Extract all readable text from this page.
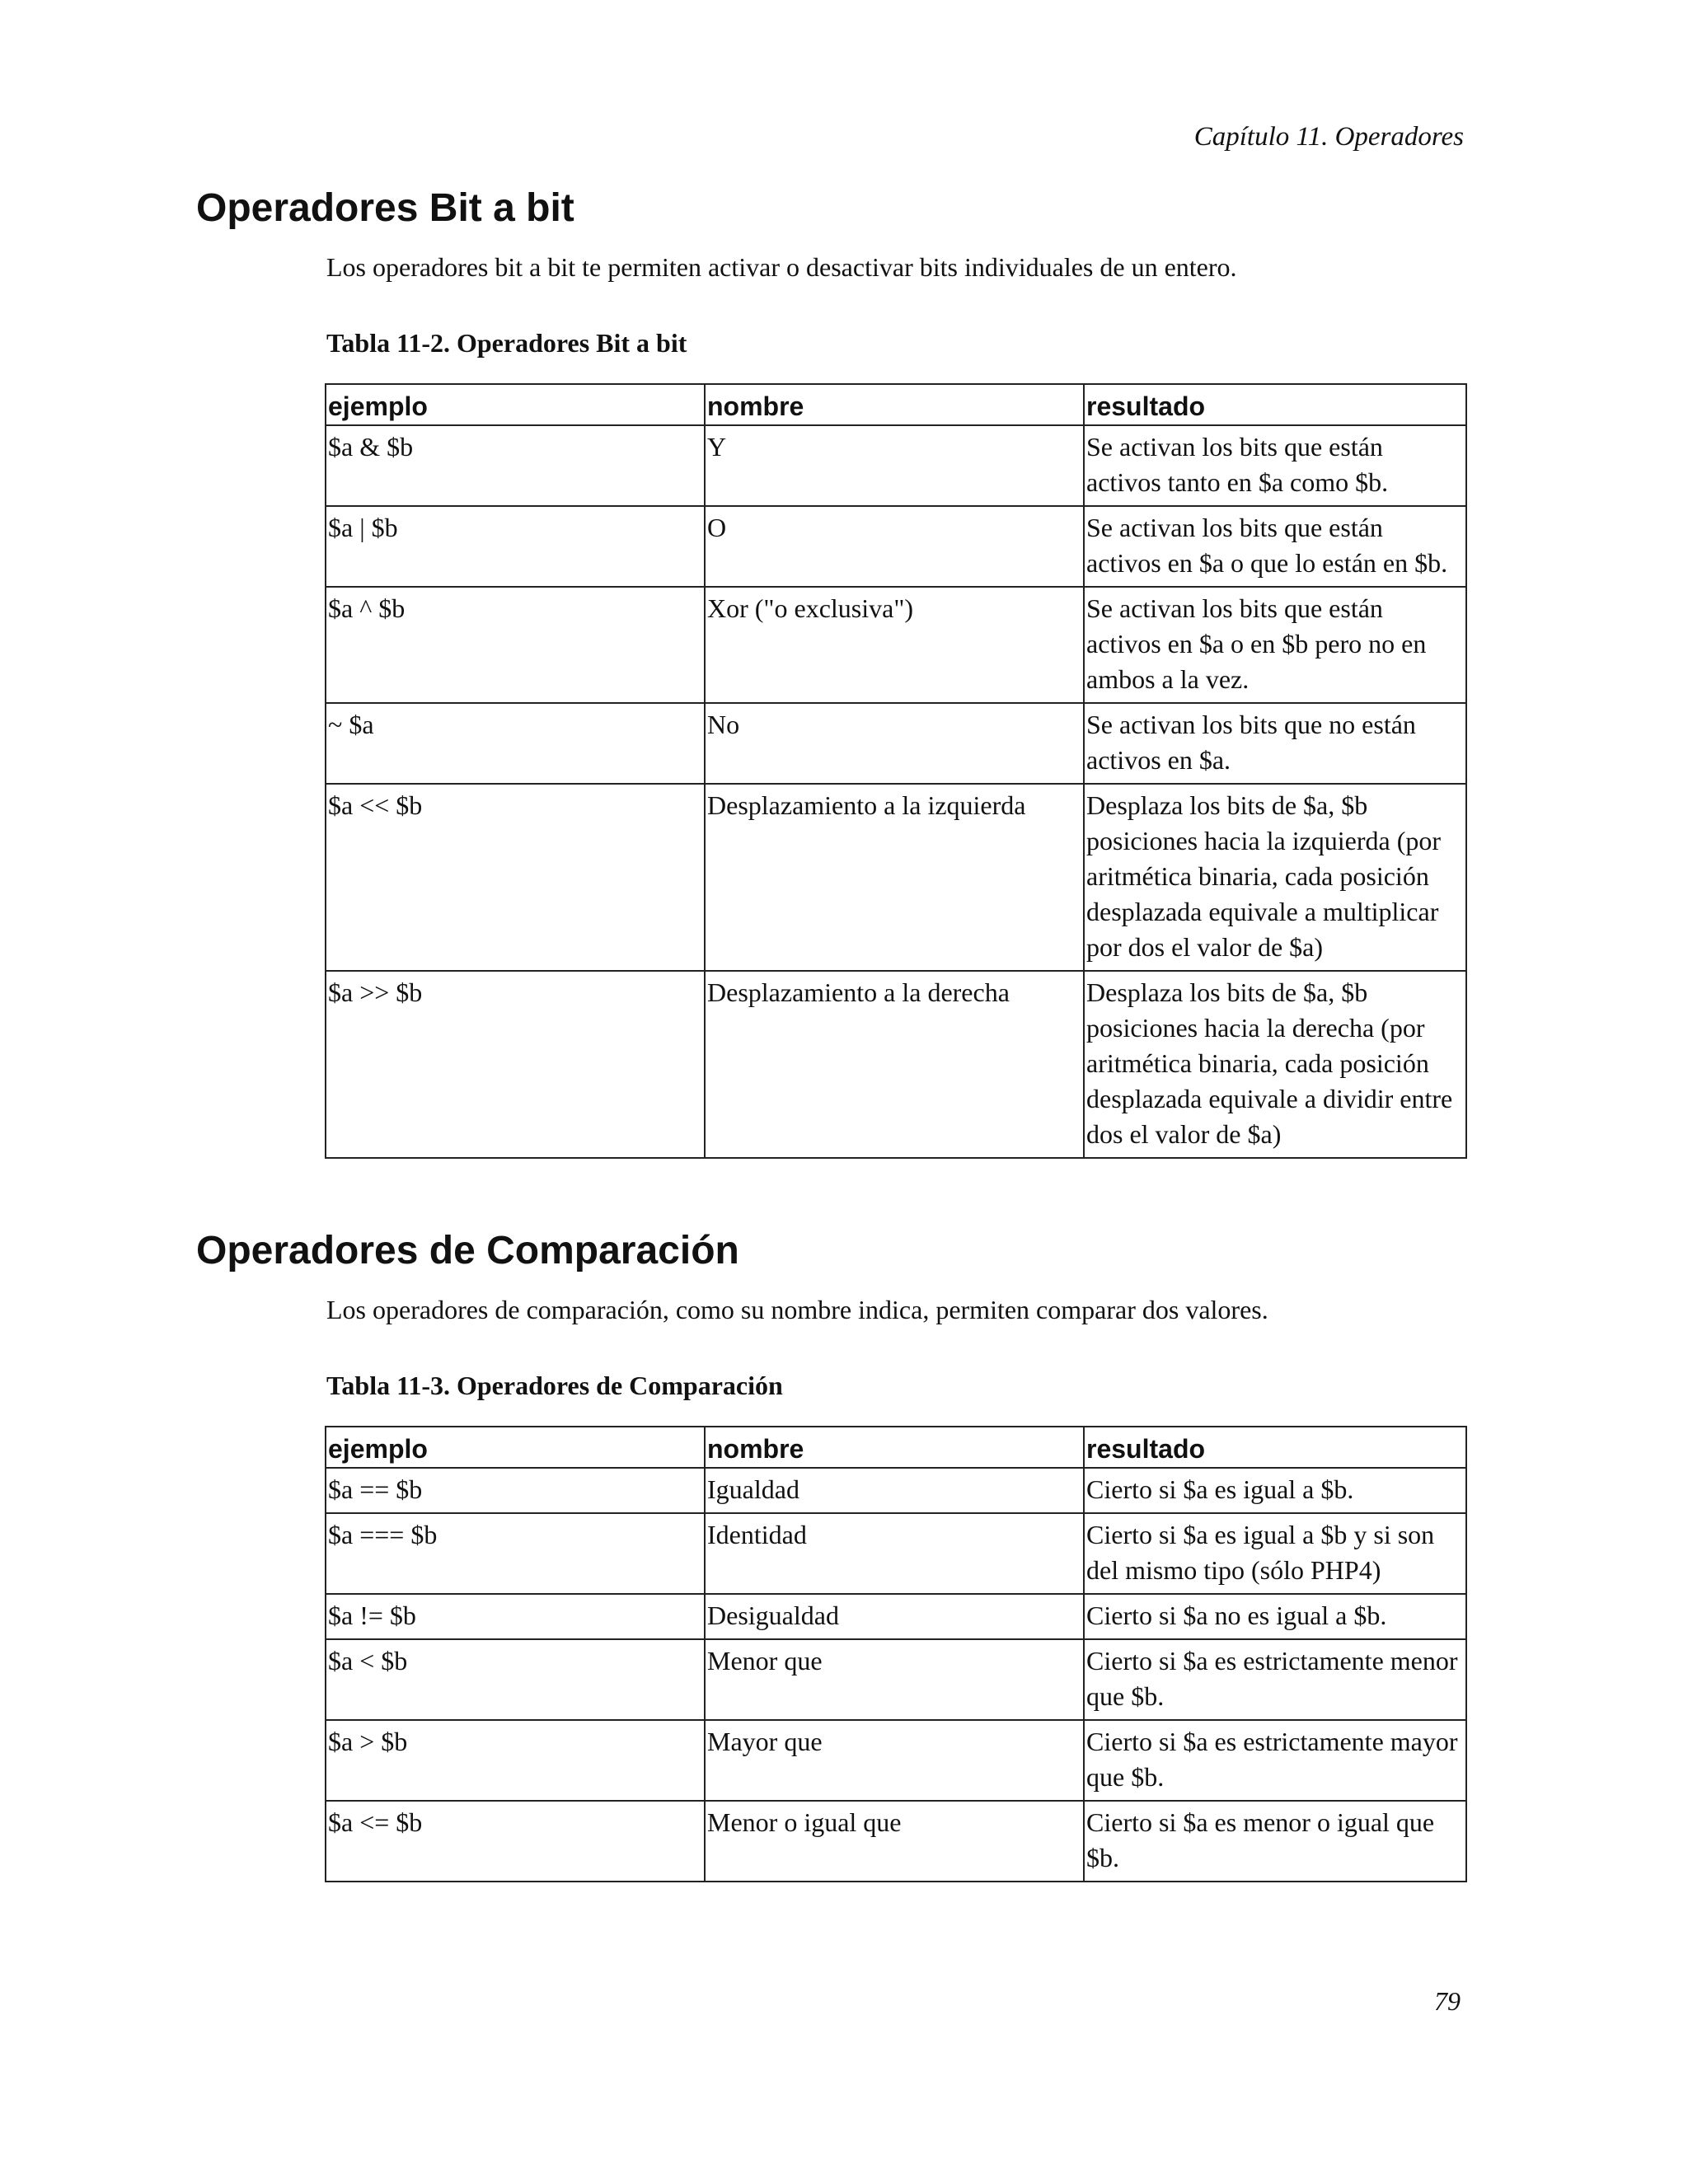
Capítulo 11. Operadores
Operadores Bit a bit

Los operadores bit a bit te permiten activar o desactivar bits individuales de un entero.

Tabla 11-2. Operadores Bit a bit

ejemplo	nombre	resultado
$a & $b	Y	Se activan los bits que están activos tanto en $a como $b.
$a | $b	O	Se activan los bits que están activos en $a o que lo están en $b.
$a ^ $b	Xor ("o exclusiva")	Se activan los bits que están activos en $a o en $b pero no en ambos a la vez.
~ $a	No	Se activan los bits que no están activos en $a.
$a << $b	Desplazamiento a la izquierda	Desplaza los bits de $a, $b posiciones hacia la izquierda (por aritmética binaria, cada posición desplazada equivale a multiplicar por dos el valor de $a)
$a >> $b	Desplazamiento a la derecha	Desplaza los bits de $a, $b posiciones hacia la derecha (por aritmética binaria, cada posición desplazada equivale a dividir entre dos el valor de $a)
Operadores de Comparación

Los operadores de comparación, como su nombre indica, permiten comparar dos valores.

Tabla 11-3. Operadores de Comparación

ejemplo	nombre	resultado
$a == $b	Igualdad	Cierto si $a es igual a $b.
$a === $b	Identidad	Cierto si $a es igual a $b y si son del mismo tipo (sólo PHP4)
$a != $b	Desigualdad	Cierto si $a no es igual a $b.
$a < $b	Menor que	Cierto si $a es estrictamente menor que $b.
$a > $b	Mayor que	Cierto si $a es estrictamente mayor que $b.
$a <= $b	Menor o igual que	Cierto si $a es menor o igual que $b.
79
